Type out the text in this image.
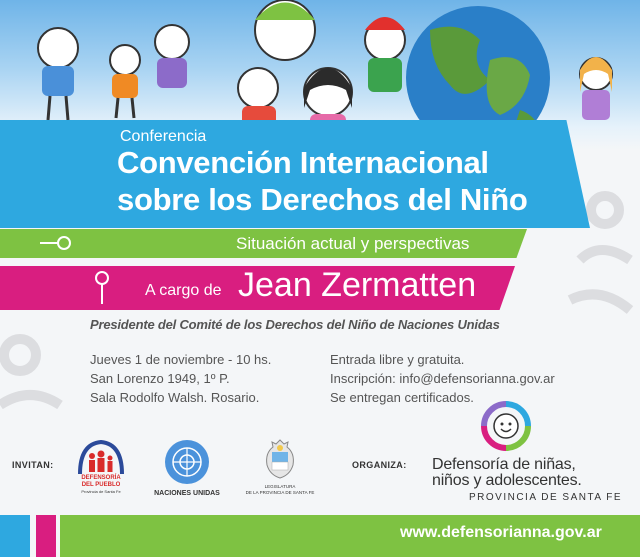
Conferencia
Convención Internacional
sobre los Derechos del Niño
Situación actual y perspectivas
A cargo de Jean Zermatten
Presidente del Comité de los Derechos del Niño de Naciones Unidas
Jueves 1 de noviembre - 10 hs.
San Lorenzo 1949, 1º P.
Sala Rodolfo Walsh. Rosario.
Entrada libre y gratuita.
Inscripción: info@defensorianna.gov.ar
Se entregan certificados.
INVITAN:
DEFENSORÍA
DEL PUEBLO
Provincia de Santa Fe	NACIONES UNIDAS
LEGISLATURA
DE LA PROVINCIA DE SANTA FE
ORGANIZA: Defensoría de niñas,
niños y adolescentes.
PROVINCIA DE SANTA FE
www.defensorianna.gov.ar
